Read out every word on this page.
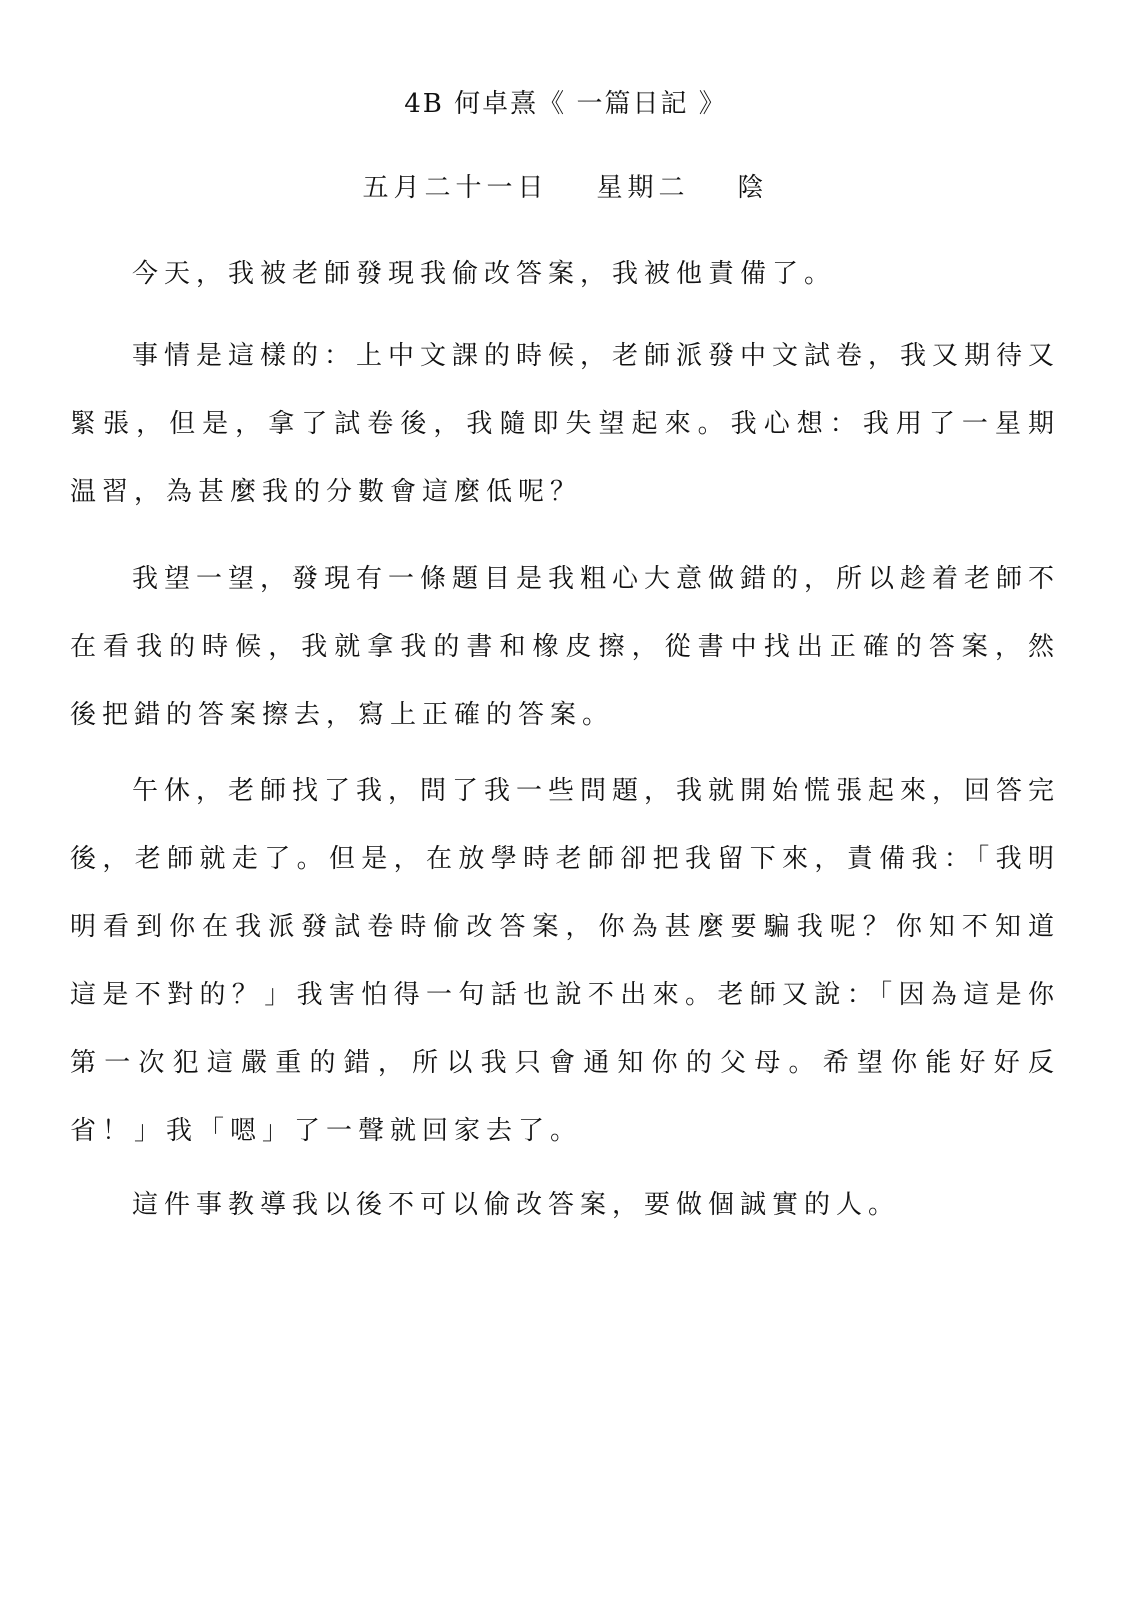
4B 何卓熹《 一篇日記 》
五月二十一日 星期二 陰

今天，我被老師發現我偷改答案，我被他責備了。

事情是這樣的：上中文課的時候，老師派發中文試卷，我又期待又緊張，但是，拿了試卷後，我隨即失望起來。我心想：我用了一星期温習，為甚麼我的分數會這麼低呢？

我望一望，發現有一條題目是我粗心大意做錯的，所以趁着老師不在看我的時候，我就拿我的書和橡皮擦，從書中找出正確的答案，然後把錯的答案擦去，寫上正確的答案。

午休，老師找了我，問了我一些問題，我就開始慌張起來，回答完後，老師就走了。但是，在放學時老師卻把我留下來，責備我：「我明明看到你在我派發試卷時偷改答案，你為甚麼要騙我呢？你知不知道這是不對的？」我害怕得一句話也說不出來。老師又說：「因為這是你第一次犯這嚴重的錯，所以我只會通知你的父母。希望你能好好反省！」我「嗯」了一聲就回家去了。

這件事教導我以後不可以偷改答案，要做個誠實的人。
